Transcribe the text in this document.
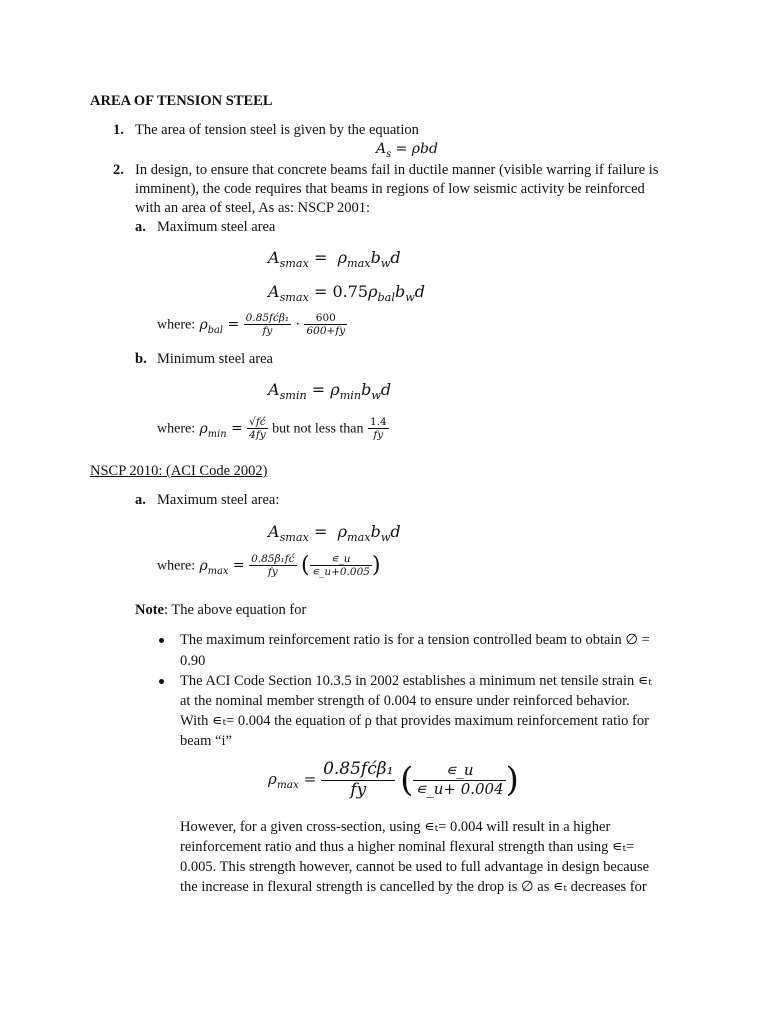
AREA OF TENSION STEEL
1. The area of tension steel is given by the equation
$A_s = \rho bd$
2. In design, to ensure that concrete beams fail in ductile manner (visible warring if failure is
imminent), the code requires that beams in regions of low seismic activity be reinforced
with an area of steel, As as: NSCP 2001:
a. Maximum steel area
$A_{smax} = \rho_{max}b_wd$
$A_{smax} = 0.75\rho_{bal}b_wd$
where: $\rho_{bal} = \frac{\text{0.85fćβ₁}}{fy} \cdot \frac{600}{600+fy}$
b. Minimum steel area
$A_{smin} = \rho_{min}b_wd$
where: $\rho_{min} = \frac{√fć}{4fy}$ but not less than $\frac{1.4}{fy}$
NSCP 2010: (ACI Code 2002)
a. Maximum steel area:
$A_{smax} = \rho_{max}b_wd$
where: $\rho_{max} = \frac{\text{0.85β₁fć}}{fy}$ ( $\frac{∊\_u}{∊\_u+0.005}$ )
Note: The above equation for
The maximum reinforcement ratio is for a tension controlled beam to obtain ∅ =
0.90
The ACI Code Section 10.3.5 in 2002 establishes a minimum net tensile strain ∊ₜ
at the nominal member strength of 0.004 to ensure under reinforced behavior.
With ∊ₜ= 0.004 the equation of ρ that provides maximum reinforcement ratio for
beam “i”
$\rho_{max} = \frac{\text{0.85fćβ₁}}{fy}$ ( $\frac{∊\_u}{∊\_u+ 0.004}$ )
However, for a given cross-section, using ∊ₜ= 0.004 will result in a higher
reinforcement ratio and thus a higher nominal flexural strength than using ∊ₜ=
0.005. This strength however, cannot be used to full advantage in design because
the increase in flexural strength is cancelled by the drop is ∅ as ∊ₜ decreases for
